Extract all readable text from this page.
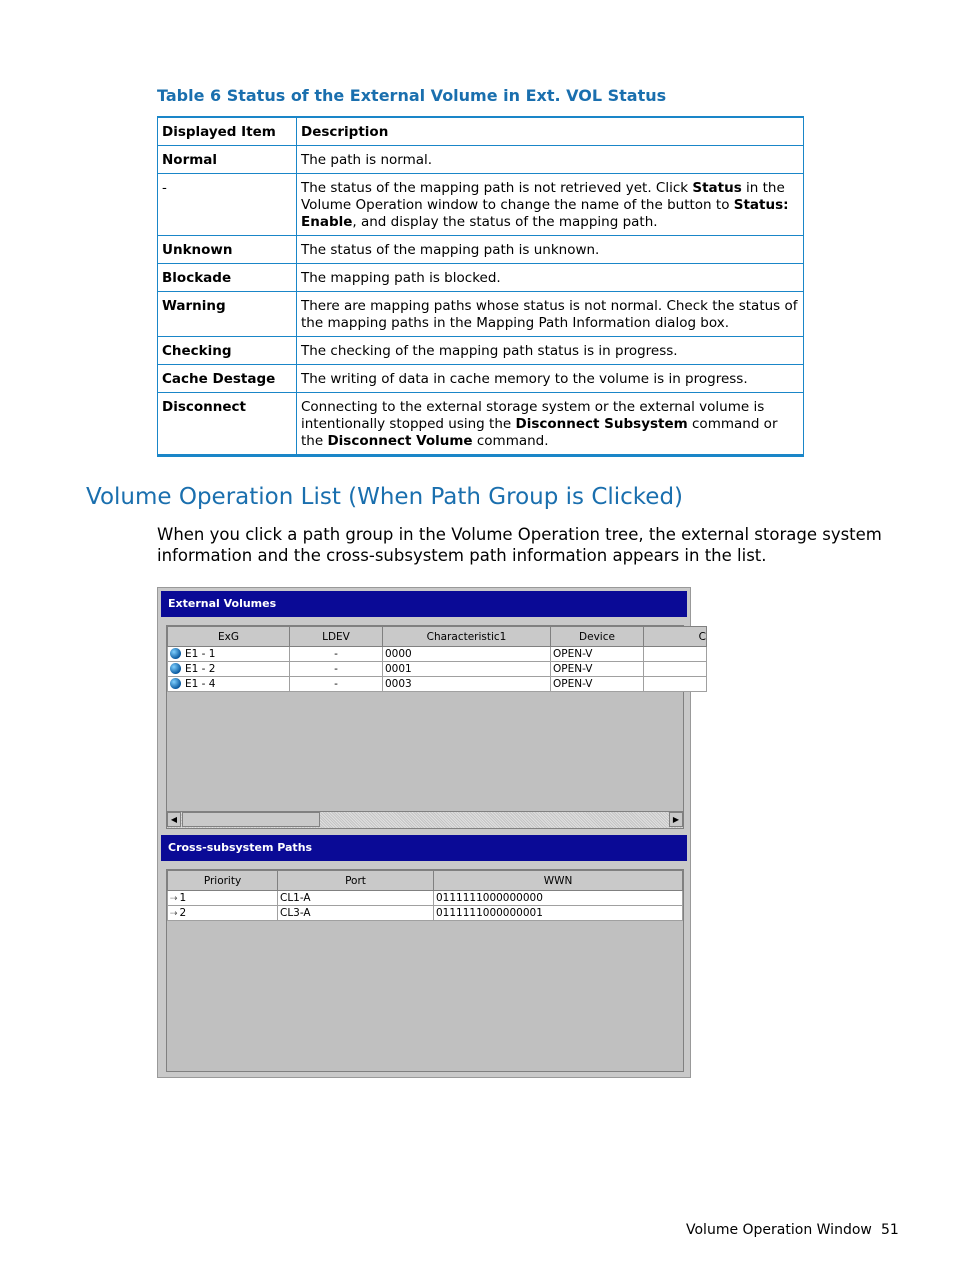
Table 6 Status of the External Volume in Ext. VOL Status
Displayed Item	Description
Normal	The path is normal.
-	The status of the mapping path is not retrieved yet. Click Status in the Volume Operation window to change the name of the button to Status: Enable, and display the status of the mapping path.
Unknown	The status of the mapping path is unknown.
Blockade	The mapping path is blocked.
Warning	There are mapping paths whose status is not normal. Check the status of the mapping paths in the Mapping Path Information dialog box.
Checking	The checking of the mapping path status is in progress.
Cache Destage	The writing of data in cache memory to the volume is in progress.
Disconnect	Connecting to the external storage system or the external volume is intentionally stopped using the Disconnect Subsystem command or the Disconnect Volume command.
Volume Operation List (When Path Group is Clicked)
When you click a path group in the Volume Operation tree, the external storage system information and the cross-subsystem path information appears in the list.
External Volumes
ExG	LDEV	Characteristic1	Device	C
E1 - 1	-	0000	OPEN-V	
E1 - 2	-	0001	OPEN-V	
E1 - 4	-	0003	OPEN-V	
◀	▶
Cross-subsystem Paths
Priority	Port	WWN
⇢ 1	CL1-A	0111111000000000
⇢ 2	CL3-A	0111111000000001
Volume Operation Window 51
